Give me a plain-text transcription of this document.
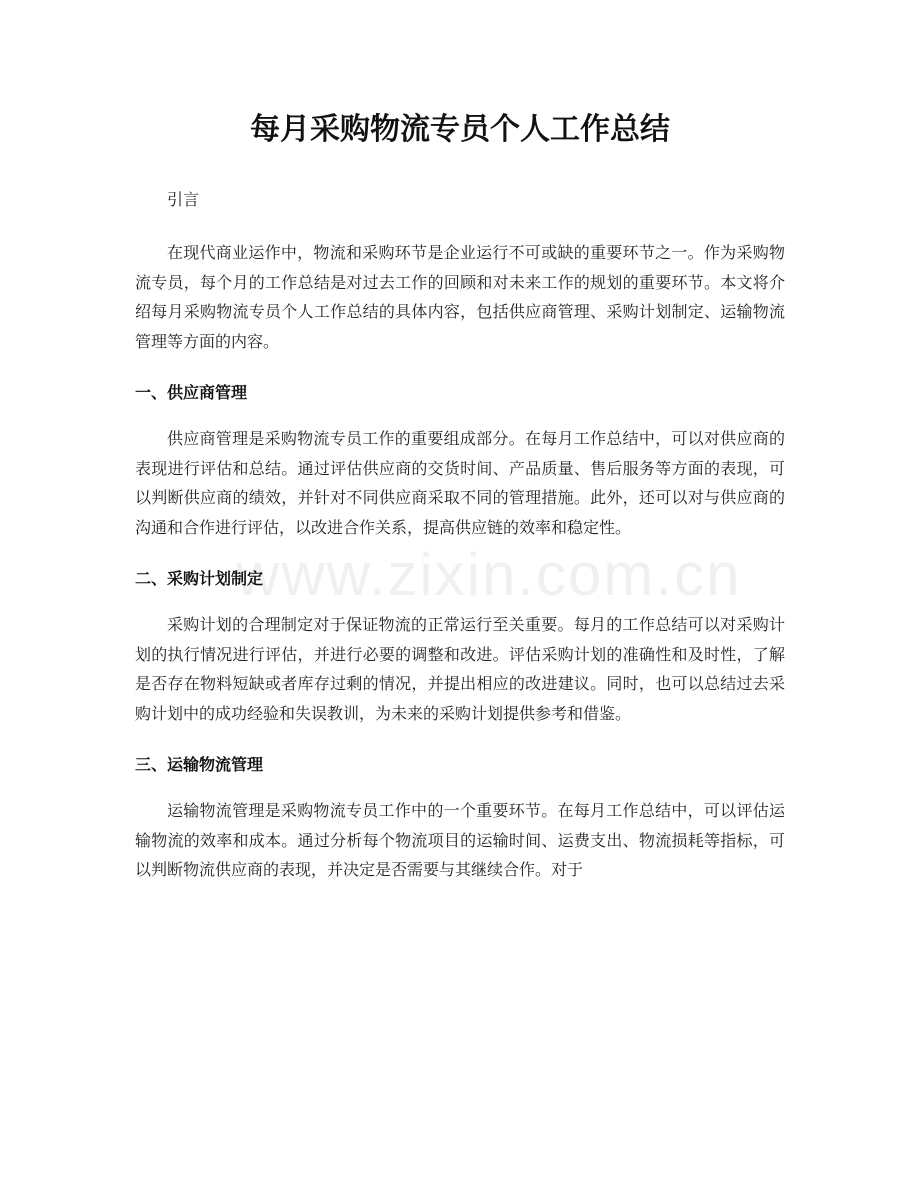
每月采购物流专员个人工作总结

引言

在现代商业运作中，物流和采购环节是企业运行不可或缺的重要环节之一。作为采购物流专员，每个月的工作总结是对过去工作的回顾和对未来工作的规划的重要环节。本文将介绍每月采购物流专员个人工作总结的具体内容，包括供应商管理、采购计划制定、运输物流管理等方面的内容。

一、供应商管理

供应商管理是采购物流专员工作的重要组成部分。在每月工作总结中，可以对供应商的表现进行评估和总结。通过评估供应商的交货时间、产品质量、售后服务等方面的表现，可以判断供应商的绩效，并针对不同供应商采取不同的管理措施。此外，还可以对与供应商的沟通和合作进行评估，以改进合作关系，提高供应链的效率和稳定性。

二、采购计划制定

采购计划的合理制定对于保证物流的正常运行至关重要。每月的工作总结可以对采购计划的执行情况进行评估，并进行必要的调整和改进。评估采购计划的准确性和及时性，了解是否存在物料短缺或者库存过剩的情况，并提出相应的改进建议。同时，也可以总结过去采购计划中的成功经验和失误教训，为未来的采购计划提供参考和借鉴。

三、运输物流管理

运输物流管理是采购物流专员工作中的一个重要环节。在每月工作总结中，可以评估运输物流的效率和成本。通过分析每个物流项目的运输时间、运费支出、物流损耗等指标，可以判断物流供应商的表现，并决定是否需要与其继续合作。对于

www.zixin.com.cn
